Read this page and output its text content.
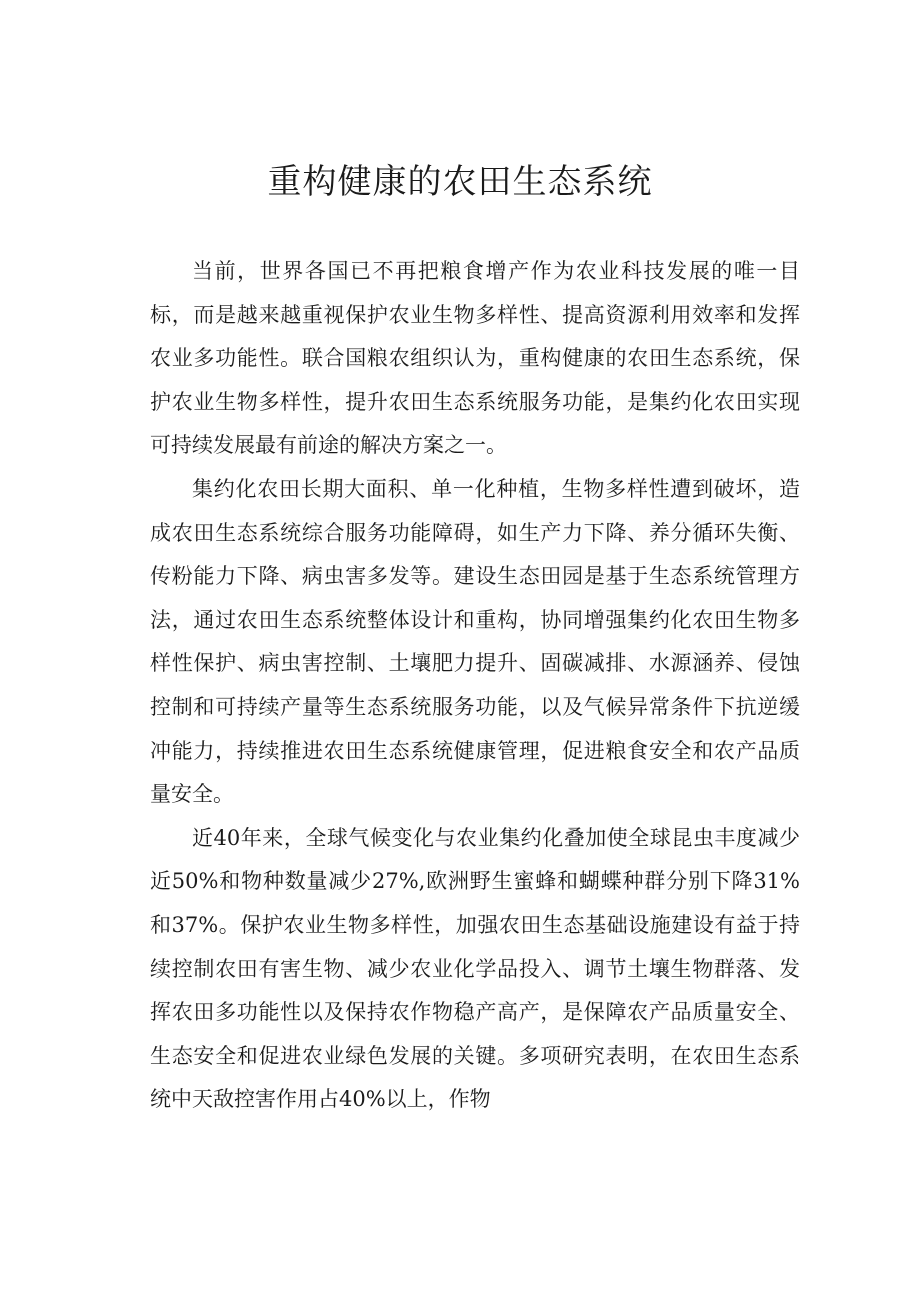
重构健康的农田生态系统

当前，世界各国已不再把粮食增产作为农业科技发展的唯一目标，而是越来越重视保护农业生物多样性、提高资源利用效率和发挥农业多功能性。联合国粮农组织认为，重构健康的农田生态系统，保护农业生物多样性，提升农田生态系统服务功能，是集约化农田实现可持续发展最有前途的解决方案之一。

集约化农田长期大面积、单一化种植，生物多样性遭到破坏，造成农田生态系统综合服务功能障碍，如生产力下降、养分循环失衡、传粉能力下降、病虫害多发等。建设生态田园是基于生态系统管理方法，通过农田生态系统整体设计和重构，协同增强集约化农田生物多样性保护、病虫害控制、土壤肥力提升、固碳减排、水源涵养、侵蚀控制和可持续产量等生态系统服务功能，以及气候异常条件下抗逆缓冲能力，持续推进农田生态系统健康管理，促进粮食安全和农产品质量安全。

近40年来，全球气候变化与农业集约化叠加使全球昆虫丰度减少近50%和物种数量减少27%,欧洲野生蜜蜂和蝴蝶种群分别下降31%和37%。保护农业生物多样性，加强农田生态基础设施建设有益于持续控制农田有害生物、减少农业化学品投入、调节土壤生物群落、发挥农田多功能性以及保持农作物稳产高产，是保障农产品质量安全、生态安全和促进农业绿色发展的关键。多项研究表明，在农田生态系统中天敌控害作用占40%以上，作物
